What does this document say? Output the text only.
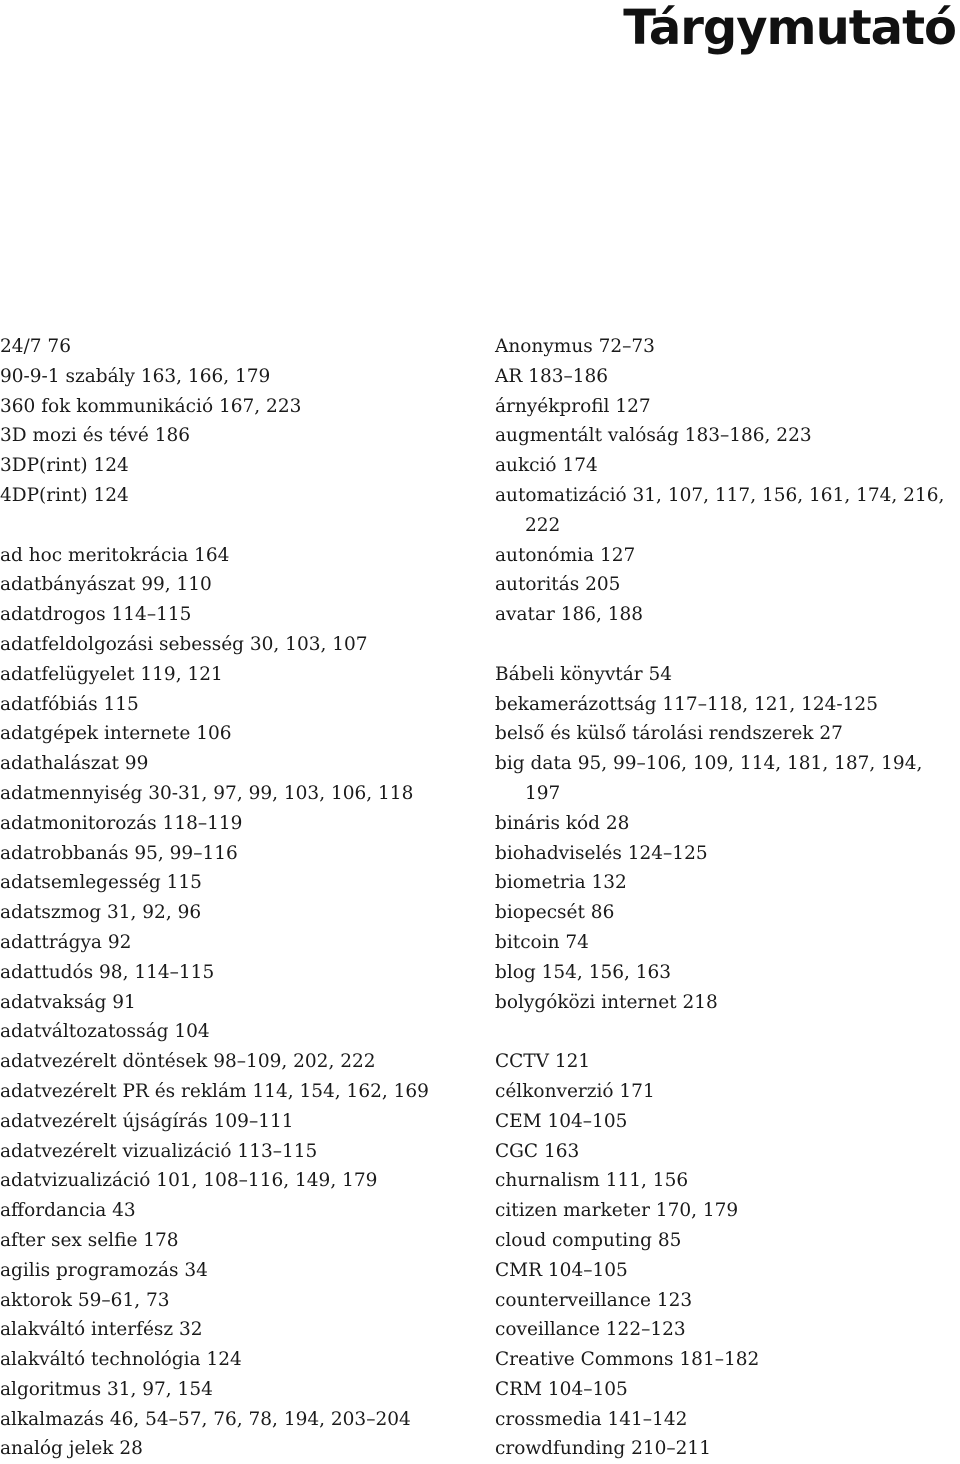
Tárgymutató
24/7 76
90-9-1 szabály 163, 166, 179
360 fok kommunikáció 167, 223
3D mozi és tévé 186
3DP(rint) 124
4DP(rint) 124
ad hoc meritokrácia 164
adatbányászat 99, 110
adatdrogos 114–115
adatfeldolgozási sebesség 30, 103, 107
adatfelügyelet 119, 121
adatfóbiás 115
adatgépek internete 106
adathalászat 99
adatmennyiség 30-31, 97, 99, 103, 106, 118
adatmonitorozás 118–119
adatrobbanás 95, 99–116
adatsemlegesség 115
adatszmog 31, 92, 96
adattrágya 92
adattudós 98, 114–115
adatvakság 91
adatváltozatosság 104
adatvezérelt döntések 98–109, 202, 222
adatvezérelt PR és reklám 114, 154, 162, 169
adatvezérelt újságírás 109–111
adatvezérelt vizualizáció 113–115
adatvizualizáció 101, 108–116, 149, 179
affordancia 43
after sex selfie 178
agilis programozás 34
aktorok 59–61, 73
alakváltó interfész 32
alakváltó technológia 124
algoritmus 31, 97, 154
alkalmazás 46, 54–57, 76, 78, 194, 203–204
analóg jelek 28
Anonymus 72–73
AR 183–186
árnyékprofil 127
augmentált valóság 183–186, 223
aukció 174
automatizáció 31, 107, 117, 156, 161, 174, 216,
222
autonómia 127
autoritás 205
avatar 186, 188
Bábeli könyvtár 54
bekamerázottság 117–118, 121, 124-125
belső és külső tárolási rendszerek 27
big data 95, 99–106, 109, 114, 181, 187, 194,
197
bináris kód 28
biohadviselés 124–125
biometria 132
biopecsét 86
bitcoin 74
blog 154, 156, 163
bolygóközi internet 218
CCTV 121
célkonverzió 171
CEM 104–105
CGC 163
churnalism 111, 156
citizen marketer 170, 179
cloud computing 85
CMR 104–105
counterveillance 123
coveillance 122–123
Creative Commons 181–182
CRM 104–105
crossmedia 141–142
crowdfunding 210–211
